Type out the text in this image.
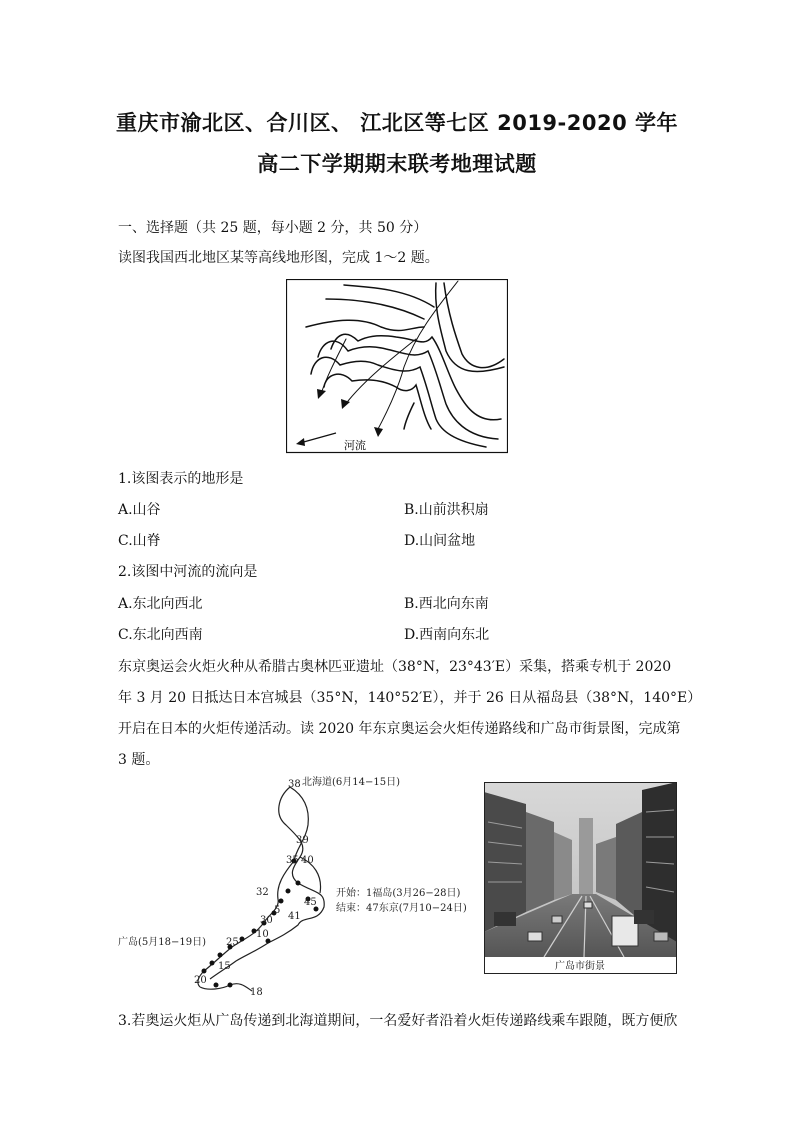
重庆市渝北区、合川区、 江北区等七区 2019-2020 学年
高二下学期期末联考地理试题
一、选择题（共 25 题，每小题 2 分，共 50 分）
读图我国西北地区某等高线地形图，完成 1～2 题。
河流
1.该图表示的地形是
A.山谷	B.山前洪积扇
C.山脊	D.山间盆地
2.该图中河流的流向是
A.东北向西北	B.西北向东南
C.东北向西南	D.西南向东北
东京奥运会火炬火种从希腊古奥林匹亚遗址（38°N，23°43′E）采集，搭乘专机于 2020
年 3 月 20 日抵达日本宫城县（35°N，140°52′E），并于 26 日从福岛县（38°N，140°E）
开启在日本的火炬传递活动。读 2020 年东京奥运会火炬传递路线和广岛市街景图，完成第
3 题。
38 北海道(6月14−15日)
39
35 40
32
45
5
30 41
10
25
15
20
18
开始：1福岛(3月26−28日)
结束：47东京(7月10−24日)
广岛(5月18−19日)
广岛市街景
3.若奥运火炬从广岛传递到北海道期间，一名爱好者沿着火炬传递路线乘车跟随，既方便欣
